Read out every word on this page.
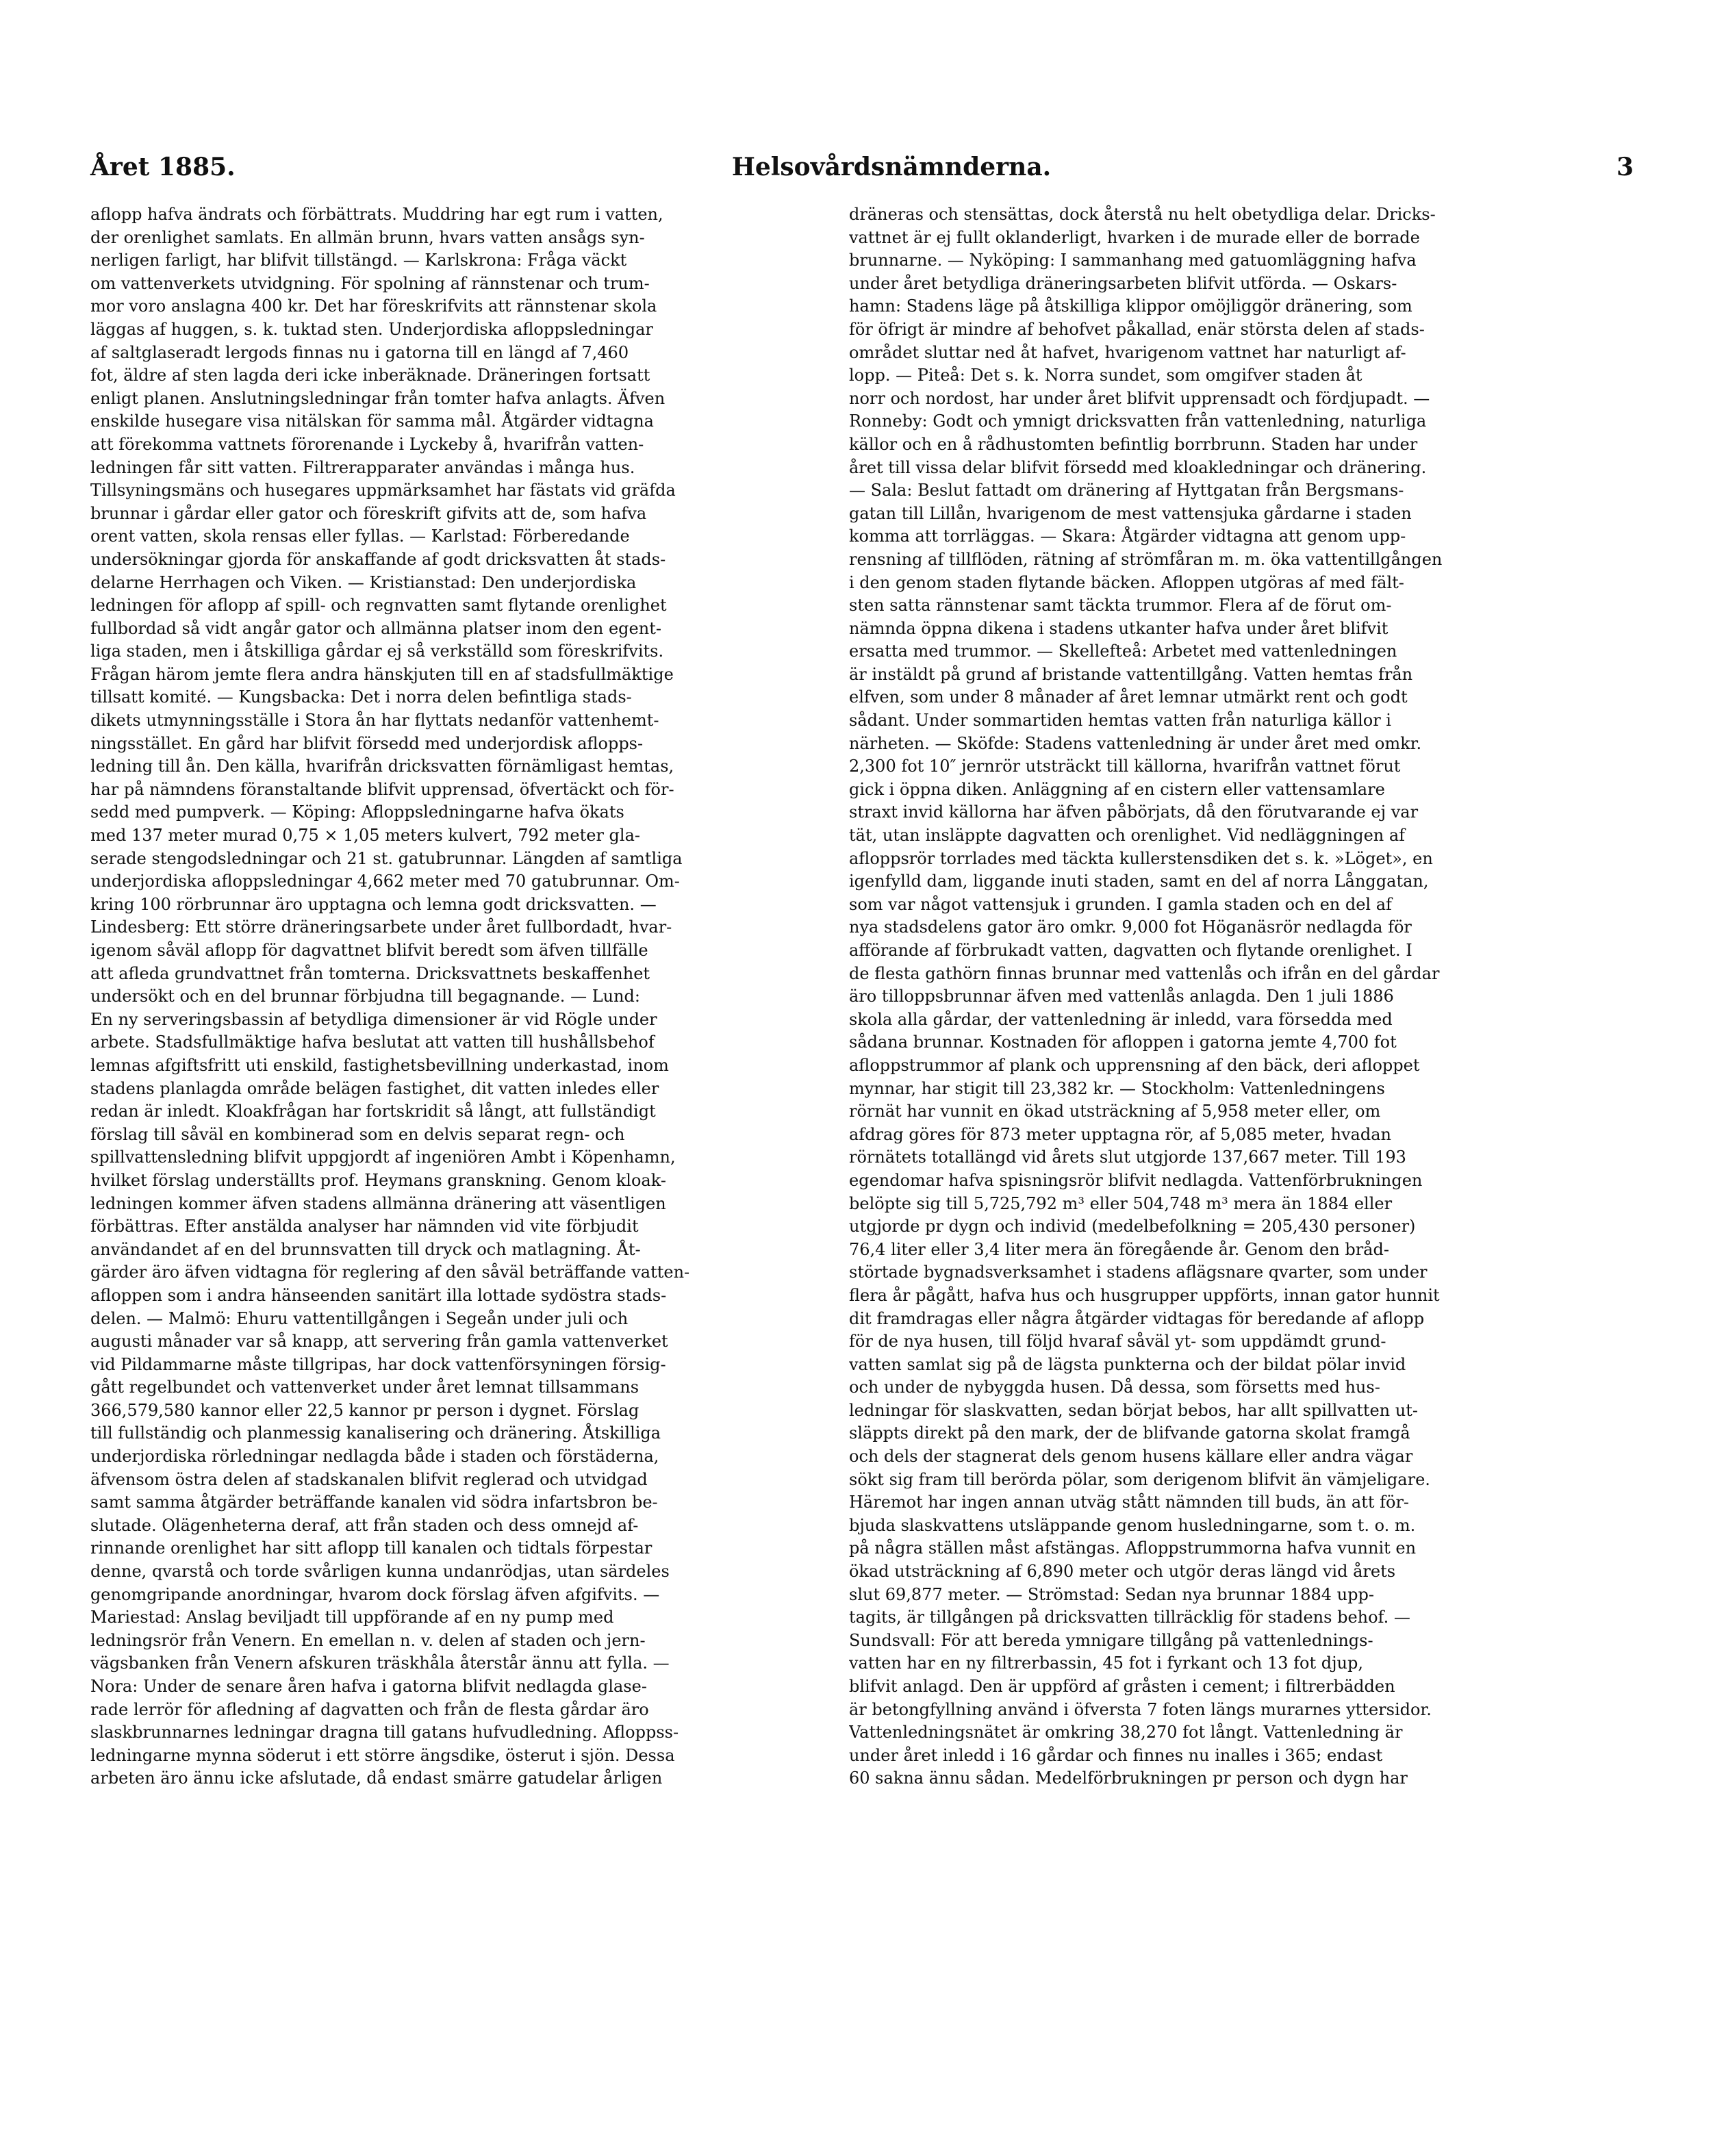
Året 1885.	Helsovårdsnämnderna.	3

aflopp hafva ändrats och förbättrats. Muddring har egt rum i vatten,

der orenlighet samlats. En allmän brunn, hvars vatten ansågs syn-

nerligen farligt, har blifvit tillstängd. — Karlskrona: Fråga väckt

om vattenverkets utvidgning. För spolning af rännstenar och trum-

mor voro anslagna 400 kr. Det har föreskrifvits att rännstenar skola

läggas af huggen, s. k. tuktad sten. Underjordiska afloppsledningar

af saltglaseradt lergods finnas nu i gatorna till en längd af 7,460

fot, äldre af sten lagda deri icke inberäknade. Dräneringen fortsatt

enligt planen. Anslutningsledningar från tomter hafva anlagts. Äfven

enskilde husegare visa nitälskan för samma mål. Åtgärder vidtagna

att förekomma vattnets förorenande i Lyckeby å, hvarifrån vatten-

ledningen får sitt vatten. Filtrerapparater användas i många hus.

Tillsyningsmäns och husegares uppmärksamhet har fästats vid gräfda

brunnar i gårdar eller gator och föreskrift gifvits att de, som hafva

orent vatten, skola rensas eller fyllas. — Karlstad: Förberedande

undersökningar gjorda för anskaffande af godt dricksvatten åt stads-

delarne Herrhagen och Viken. — Kristianstad: Den underjordiska

ledningen för aflopp af spill- och regnvatten samt flytande orenlighet

fullbordad så vidt angår gator och allmänna platser inom den egent-

liga staden, men i åtskilliga gårdar ej så verkställd som föreskrifvits.

Frågan härom jemte flera andra hänskjuten till en af stadsfullmäktige

tillsatt komité. — Kungsbacka: Det i norra delen befintliga stads-

dikets utmynningsställe i Stora ån har flyttats nedanför vattenhemt-

ningsstället. En gård har blifvit försedd med underjordisk aflopps-

ledning till ån. Den källa, hvarifrån dricksvatten förnämligast hemtas,

har på nämndens föranstaltande blifvit upprensad, öfvertäckt och för-

sedd med pumpverk. — Köping: Afloppsledningarne hafva ökats

med 137 meter murad 0,75 × 1,05 meters kulvert, 792 meter gla-

serade stengodsledningar och 21 st. gatubrunnar. Längden af samtliga

underjordiska afloppsledningar 4,662 meter med 70 gatubrunnar. Om-

kring 100 rörbrunnar äro upptagna och lemna godt dricksvatten. —

Lindesberg: Ett större dräneringsarbete under året fullbordadt, hvar-

igenom såväl aflopp för dagvattnet blifvit beredt som äfven tillfälle

att afleda grundvattnet från tomterna. Dricksvattnets beskaffenhet

undersökt och en del brunnar förbjudna till begagnande. — Lund:

En ny serveringsbassin af betydliga dimensioner är vid Rögle under

arbete. Stadsfullmäktige hafva beslutat att vatten till hushållsbehof

lemnas afgiftsfritt uti enskild, fastighetsbevillning underkastad, inom

stadens planlagda område belägen fastighet, dit vatten inledes eller

redan är inledt. Kloakfrågan har fortskridit så långt, att fullständigt

förslag till såväl en kombinerad som en delvis separat regn- och

spillvattensledning blifvit uppgjordt af ingeniören Ambt i Köpenhamn,

hvilket förslag underställts prof. Heymans granskning. Genom kloak-

ledningen kommer äfven stadens allmänna dränering att väsentligen

förbättras. Efter anstälda analyser har nämnden vid vite förbjudit

användandet af en del brunnsvatten till dryck och matlagning. Åt-

gärder äro äfven vidtagna för reglering af den såväl beträffande vatten-

afloppen som i andra hänseenden sanitärt illa lottade sydöstra stads-

delen. — Malmö: Ehuru vattentillgången i Segeån under juli och

augusti månader var så knapp, att servering från gamla vattenverket

vid Pildammarne måste tillgripas, har dock vattenförsyningen försig-

gått regelbundet och vattenverket under året lemnat tillsammans

366,579,580 kannor eller 22,5 kannor pr person i dygnet. Förslag

till fullständig och planmessig kanalisering och dränering. Åtskilliga

underjordiska rörledningar nedlagda både i staden och förstäderna,

äfvensom östra delen af stadskanalen blifvit reglerad och utvidgad

samt samma åtgärder beträffande kanalen vid södra infartsbron be-

slutade. Olägenheterna deraf, att från staden och dess omnejd af-

rinnande orenlighet har sitt aflopp till kanalen och tidtals förpestar

denne, qvarstå och torde svårligen kunna undanrödjas, utan särdeles

genomgripande anordningar, hvarom dock förslag äfven afgifvits. —

Mariestad: Anslag beviljadt till uppförande af en ny pump med

ledningsrör från Venern. En emellan n. v. delen af staden och jern-

vägsbanken från Venern afskuren träskhåla återstår ännu att fylla. —

Nora: Under de senare åren hafva i gatorna blifvit nedlagda glase-

rade lerrör för afledning af dagvatten och från de flesta gårdar äro

slaskbrunnarnes ledningar dragna till gatans hufvudledning. Afloppss-

ledningarne mynna söderut i ett större ängsdike, österut i sjön. Dessa

arbeten äro ännu icke afslutade, då endast smärre gatudelar årligen

dräneras och stensättas, dock återstå nu helt obetydliga delar. Dricks-

vattnet är ej fullt oklanderligt, hvarken i de murade eller de borrade

brunnarne. — Nyköping: I sammanhang med gatuomläggning hafva

under året betydliga dräneringsarbeten blifvit utförda. — Oskars-

hamn: Stadens läge på åtskilliga klippor omöjliggör dränering, som

för öfrigt är mindre af behofvet påkallad, enär största delen af stads-

området sluttar ned åt hafvet, hvarigenom vattnet har naturligt af-

lopp. — Piteå: Det s. k. Norra sundet, som omgifver staden åt

norr och nordost, har under året blifvit upprensadt och fördjupadt. —

Ronneby: Godt och ymnigt dricksvatten från vattenledning, naturliga

källor och en å rådhustomten befintlig borrbrunn. Staden har under

året till vissa delar blifvit försedd med kloakledningar och dränering.

— Sala: Beslut fattadt om dränering af Hyttgatan från Bergsmans-

gatan till Lillån, hvarigenom de mest vattensjuka gårdarne i staden

komma att torrläggas. — Skara: Åtgärder vidtagna att genom upp-

rensning af tillflöden, rätning af strömfåran m. m. öka vattentillgången

i den genom staden flytande bäcken. Afloppen utgöras af med fält-

sten satta rännstenar samt täckta trummor. Flera af de förut om-

nämnda öppna dikena i stadens utkanter hafva under året blifvit

ersatta med trummor. — Skellefteå: Arbetet med vattenledningen

är instäldt på grund af bristande vattentillgång. Vatten hemtas från

elfven, som under 8 månader af året lemnar utmärkt rent och godt

sådant. Under sommartiden hemtas vatten från naturliga källor i

närheten. — Sköfde: Stadens vattenledning är under året med omkr.

2,300 fot 10″ jernrör utsträckt till källorna, hvarifrån vattnet förut

gick i öppna diken. Anläggning af en cistern eller vattensamlare

straxt invid källorna har äfven påbörjats, då den förutvarande ej var

tät, utan insläppte dagvatten och orenlighet. Vid nedläggningen af

afloppsrör torrlades med täckta kullerstensdiken det s. k. »Löget», en

igenfylld dam, liggande inuti staden, samt en del af norra Långgatan,

som var något vattensjuk i grunden. I gamla staden och en del af

nya stadsdelens gator äro omkr. 9,000 fot Höganäsrör nedlagda för

afförande af förbrukadt vatten, dagvatten och flytande orenlighet. I

de flesta gathörn finnas brunnar med vattenlås och ifrån en del gårdar

äro tilloppsbrunnar äfven med vattenlås anlagda. Den 1 juli 1886

skola alla gårdar, der vattenledning är inledd, vara försedda med

sådana brunnar. Kostnaden för afloppen i gatorna jemte 4,700 fot

afloppstrummor af plank och upprensning af den bäck, deri afloppet

mynnar, har stigit till 23,382 kr. — Stockholm: Vattenledningens

rörnät har vunnit en ökad utsträckning af 5,958 meter eller, om

afdrag göres för 873 meter upptagna rör, af 5,085 meter, hvadan

rörnätets totallängd vid årets slut utgjorde 137,667 meter. Till 193

egendomar hafva spisningsrör blifvit nedlagda. Vattenförbrukningen

belöpte sig till 5,725,792 m³ eller 504,748 m³ mera än 1884 eller

utgjorde pr dygn och individ (medelbefolkning = 205,430 personer)

76,4 liter eller 3,4 liter mera än föregående år. Genom den bråd-

störtade bygnadsverksamhet i stadens aflägsnare qvarter, som under

flera år pågått, hafva hus och husgrupper uppförts, innan gator hunnit

dit framdragas eller några åtgärder vidtagas för beredande af aflopp

för de nya husen, till följd hvaraf såväl yt- som uppdämdt grund-

vatten samlat sig på de lägsta punkterna och der bildat pölar invid

och under de nybyggda husen. Då dessa, som försetts med hus-

ledningar för slaskvatten, sedan börjat bebos, har allt spillvatten ut-

släppts direkt på den mark, der de blifvande gatorna skolat framgå

och dels der stagnerat dels genom husens källare eller andra vägar

sökt sig fram till berörda pölar, som derigenom blifvit än vämjeligare.

Häremot har ingen annan utväg stått nämnden till buds, än att för-

bjuda slaskvattens utsläppande genom husledningarne, som t. o. m.

på några ställen måst afstängas. Afloppstrummorna hafva vunnit en

ökad utsträckning af 6,890 meter och utgör deras längd vid årets

slut 69,877 meter. — Strömstad: Sedan nya brunnar 1884 upp-

tagits, är tillgången på dricksvatten tillräcklig för stadens behof. —

Sundsvall: För att bereda ymnigare tillgång på vattenlednings-

vatten har en ny filtrerbassin, 45 fot i fyrkant och 13 fot djup,

blifvit anlagd. Den är uppförd af gråsten i cement; i filtrerbädden

är betongfyllning använd i öfversta 7 foten längs murarnes yttersidor.

Vattenledningsnätet är omkring 38,270 fot långt. Vattenledning är

under året inledd i 16 gårdar och finnes nu inalles i 365; endast

60 sakna ännu sådan. Medelförbrukningen pr person och dygn har
